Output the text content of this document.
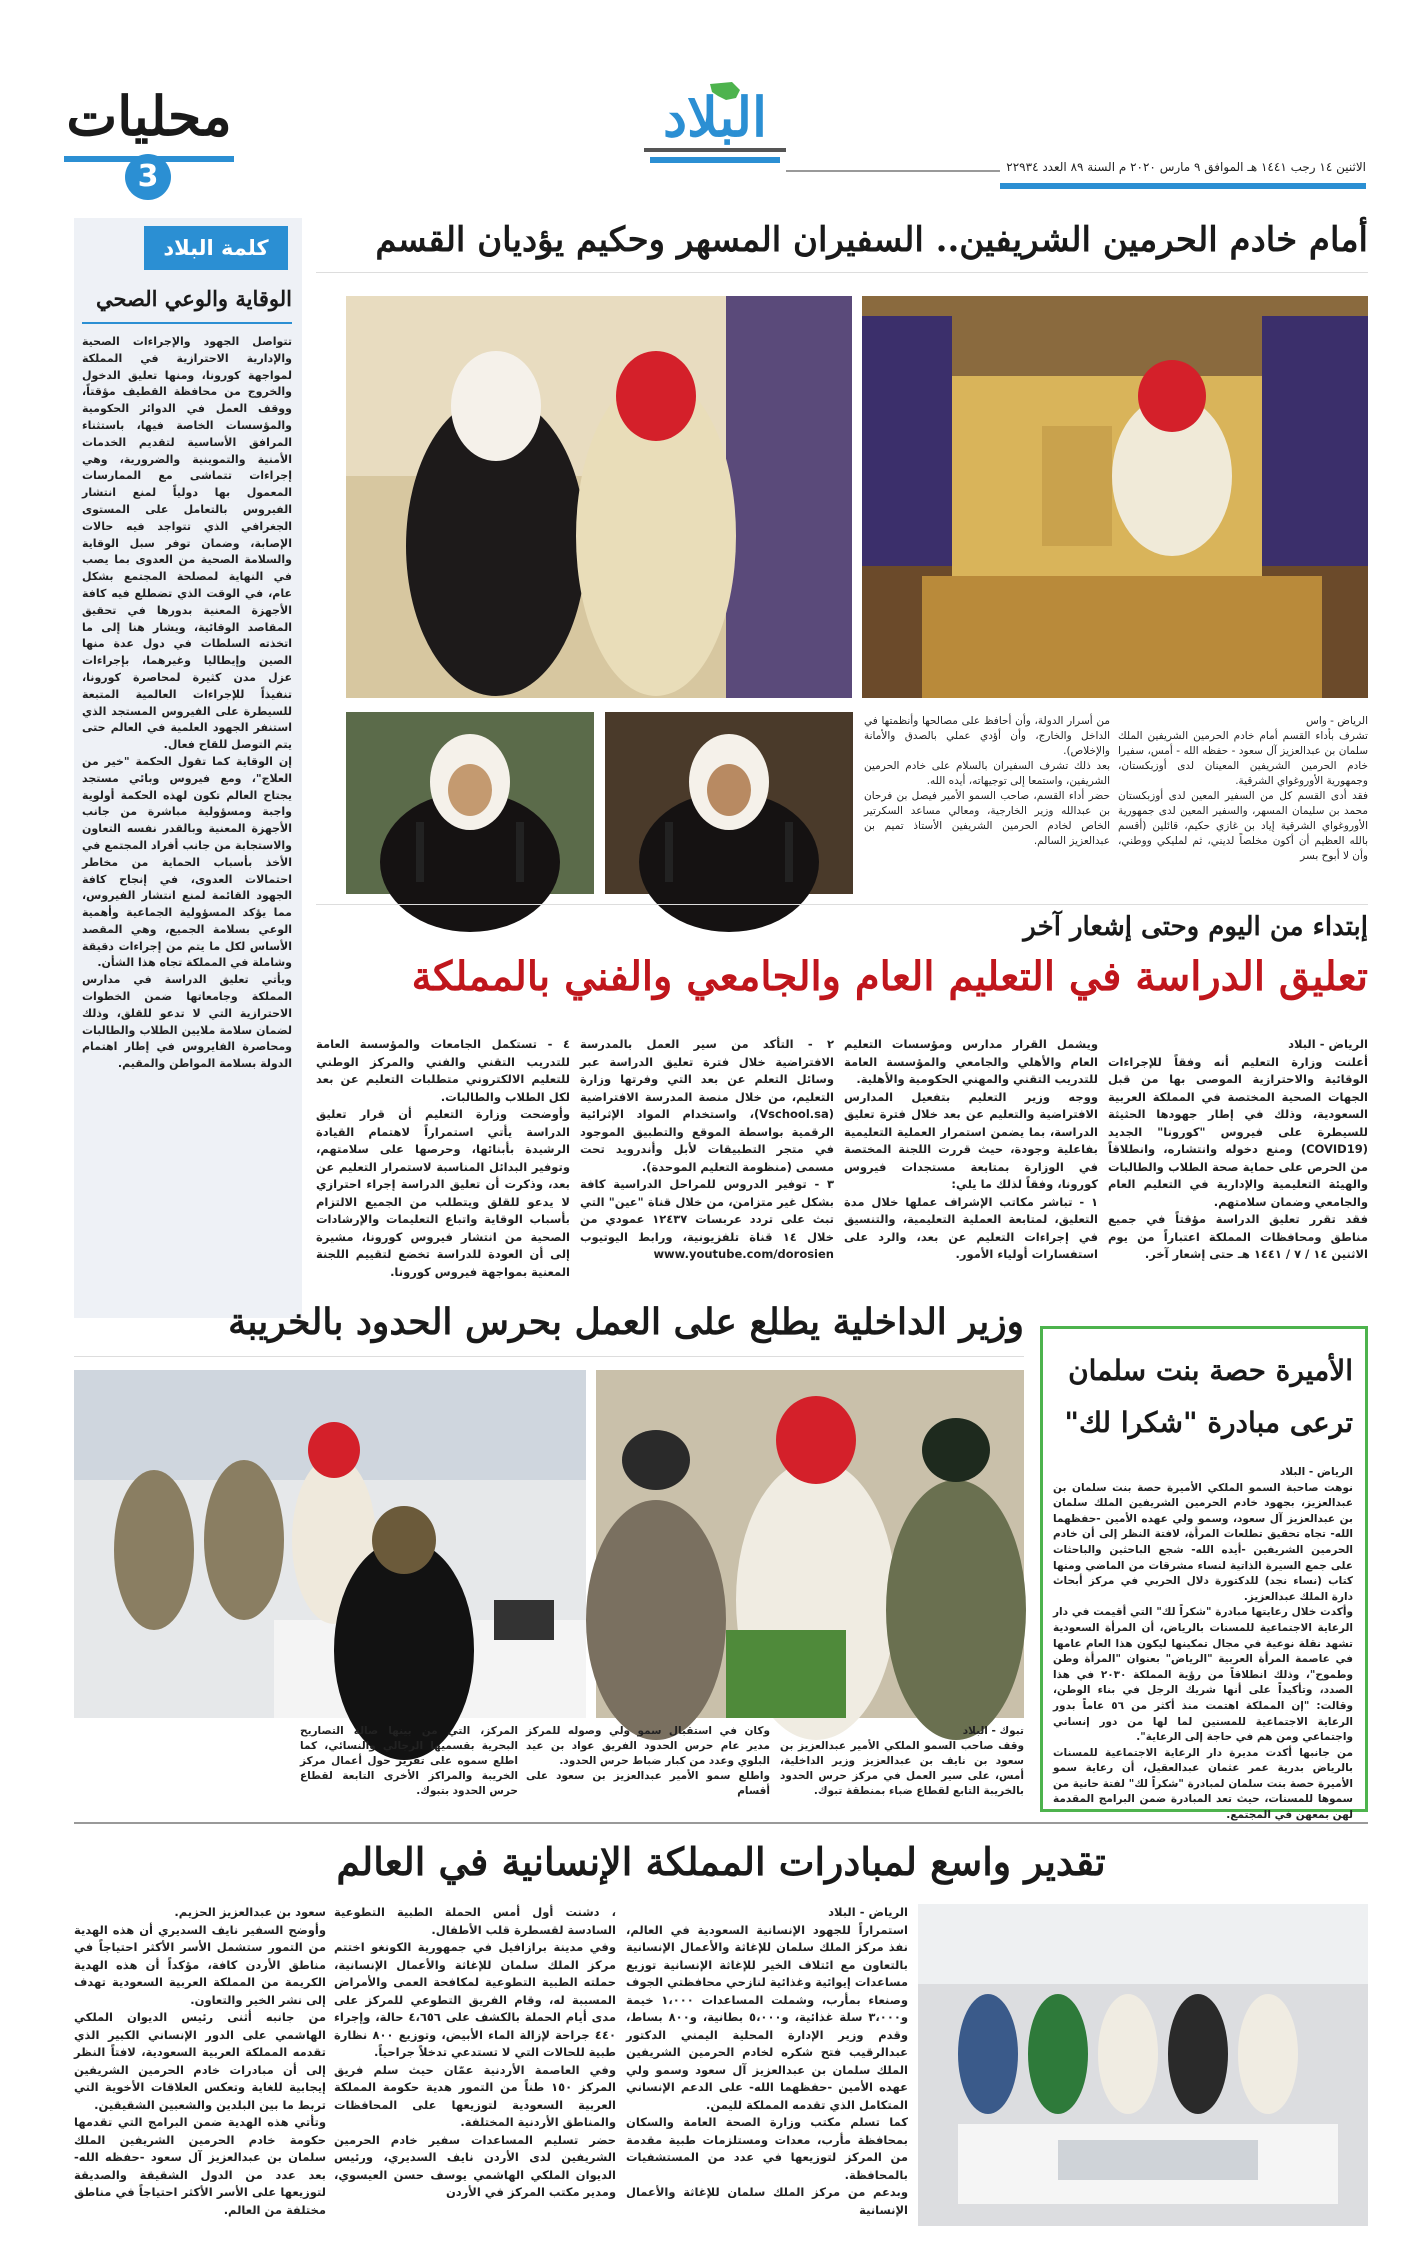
البلاد
محليات
3	الاثنين ١٤ رجب ١٤٤١ هـ الموافق ٩ مارس ٢٠٢٠ م السنة ٨٩ العدد ٢٢٩٣٤
كلمة البلاد
الوقاية والوعي الصحي
تتواصل الجهود والإجراءات الصحية والإدارية الاحترازية في المملكة لمواجهة كورونا، ومنها تعليق الدخول والخروج من محافظة القطيف مؤقتاً، ووقف العمل في الدوائر الحكومية والمؤسسات الخاصة فيها، باستثناء المرافق الأساسية لتقديم الخدمات الأمنية والتموينية والضرورية، وهي إجراءات تتماشى مع الممارسات المعمول بها دولياً لمنع انتشار الفيروس بالتعامل على المستوى الجغرافي الذي تتواجد فيه حالات الإصابة، وضمان توفر سبل الوقاية والسلامة الصحية من العدوى بما يصب في النهاية لمصلحة المجتمع بشكل عام، في الوقت الذي تضطلع فيه كافة الأجهزة المعنية بدورها في تحقيق المقاصد الوقائية، ويشار هنا إلى ما اتخذته السلطات في دول عدة منها الصين وإيطاليا وغيرهما، بإجراءات عزل مدن كثيرة لمحاصرة كورونا، تنفيذاً للإجراءات العالمية المتبعة للسيطرة على الفيروس المستجد الذي استنفر الجهود العلمية في العالم حتى يتم التوصل للقاح فعال.
إن الوقاية كما تقول الحكمة "خير من العلاج"، ومع فيروس وبائي مستجد يجتاح العالم تكون لهذه الحكمة أولوية واجبة ومسؤولية مباشرة من جانب الأجهزة المعنية وبالقدر نفسه التعاون والاستجابة من جانب أفراد المجتمع في الأخذ بأسباب الحماية من مخاطر احتمالات العدوى، في إنجاح كافة الجهود القائمة لمنع انتشار الفيروس، مما يؤكد المسؤولية الجماعية وأهمية الوعي بسلامة الجميع، وهي المقصد الأساس لكل ما يتم من إجراءات دقيقة وشاملة في المملكة تجاه هذا الشأن.
ويأتي تعليق الدراسة في مدارس المملكة وجامعاتها ضمن الخطوات الاحترازية التي لا تدعو للقلق، وذلك لضمان سلامة ملايين الطلاب والطالبات ومحاصرة الفايروس في إطار اهتمام الدولة بسلامة المواطن والمقيم.
أمام خادم الحرمين الشريفين.. السفيران المسهر وحكيم يؤديان القسم
الرياض - واس
تشرف بأداء القسم أمام خادم الحرمين الشريفين الملك سلمان بن عبدالعزيز آل سعود - حفظه الله - أمس، سفيرا خادم الحرمين الشريفين المعينان لدى أوزبكستان، وجمهورية الأوروغواي الشرقية.
فقد أدى القسم كل من السفير المعين لدى أوزبكستان محمد بن سليمان المسهر، والسفير المعين لدى جمهورية الأوروغواي الشرقية إياد بن غازي حكيم، قائلين (أقسم بالله العظيم أن أكون مخلصاً لديني، ثم لمليكي ووطني، وأن لا أبوح بسر
من أسرار الدولة، وأن أحافظ على مصالحها وأنظمتها في الداخل والخارج، وأن أؤدي عملي بالصدق والأمانة والإخلاص).
بعد ذلك تشرف السفيران بالسلام على خادم الحرمين الشريفين، واستمعا إلى توجيهاته، أيده الله.
حضر أداء القسم، صاحب السمو الأمير فيصل بن فرحان بن عبدالله وزير الخارجية، ومعالي مساعد السكرتير الخاص لخادم الحرمين الشريفين الأستاذ تميم بن عبدالعزيز السالم.
إبتداء من اليوم وحتى إشعار آخر
تعليق الدراسة في التعليم العام والجامعي والفني بالمملكة
الرياض - البلاد
أعلنت وزارة التعليم أنه وفقاً للإجراءات الوقائية والاحترازية الموصى بها من قبل الجهات الصحية المختصة في المملكة العربية السعودية، وذلك في إطار جهودها الحثيثة للسيطرة على فيروس "كورونا" الجديد (COVID19) ومنع دخوله وانتشاره، وانطلاقاً من الحرص على حماية صحة الطلاب والطالبات والهيئة التعليمية والإدارية في التعليم العام والجامعي وضمان سلامتهم.
فقد تقرر تعليق الدراسة مؤقتاً في جميع مناطق ومحافظات المملكة اعتباراً من يوم الاثنين ١٤ / ٧ / ١٤٤١ هـ حتى إشعار آخر.
ويشمل القرار مدارس ومؤسسات التعليم العام والأهلي والجامعي والمؤسسة العامة للتدريب التقني والمهني الحكومية والأهلية.
ووجه وزير التعليم بتفعيل المدارس الافتراضية والتعليم عن بعد خلال فترة تعليق الدراسة، بما يضمن استمرار العملية التعليمية بفاعلية وجودة، حيث قررت اللجنة المختصة في الوزارة بمتابعة مستجدات فيروس كورونا، وفقاً لذلك ما يلي:
١ - تباشر مكاتب الإشراف عملها خلال مدة التعليق، لمتابعة العملية التعليمية، والتنسيق في إجراءات التعليم عن بعد، والرد على استفسارات أولياء الأمور.
٢ - التأكد من سير العمل بالمدرسة الافتراضية خلال فترة تعليق الدراسة عبر وسائل التعلم عن بعد التي وفرتها وزارة التعليم، من خلال منصة المدرسة الافتراضية (Vschool.sa)، واستخدام المواد الإثرائية الرقمية بواسطة الموقع والتطبيق الموجود في متجر التطبيقات لأبل وأندرويد تحت مسمى (منظومة التعليم الموحدة).
٣ - توفير الدروس للمراحل الدراسية كافة بشكل غير متزامن، من خلال قناة "عين" التي تبث على تردد عربسات ١٢٤٣٧ عمودي من خلال ١٤ قناة تلفزيونية، ورابط اليوتيوب www.youtube.com/dorosien
٤ - تستكمل الجامعات والمؤسسة العامة للتدريب التقني والفني والمركز الوطني للتعليم الالكتروني متطلبات التعليم عن بعد لكل الطلاب والطالبات.
وأوضحت وزارة التعليم أن قرار تعليق الدراسة يأتي استمراراً لاهتمام القيادة الرشيدة بأبنائها، وحرصها على سلامتهم، وتوفير البدائل المناسبة لاستمرار التعليم عن بعد، وذكرت أن تعليق الدراسة إجراء احترازي لا يدعو للقلق ويتطلب من الجميع الالتزام بأسباب الوقاية واتباع التعليمات والإرشادات الصحية من انتشار فيروس كورونا، مشيرة إلى أن العودة للدراسة تخضع لتقييم اللجنة المعنية بمواجهة فيروس كورونا.
الأميرة حصة بنت سلمان ترعى مبادرة "شكرا لك"
الرياض - البلاد
نوهت صاحبة السمو الملكي الأميرة حصة بنت سلمان بن عبدالعزيز، بجهود خادم الحرمين الشريفين الملك سلمان بن عبدالعزيز آل سعود، وسمو ولي عهده الأمين -حفظهما الله- تجاه تحقيق تطلعات المرأة، لافتة النظر إلى أن خادم الحرمين الشريفين -أيده الله- شجع الباحثين والباحثات على جمع السيرة الذاتية لنساء مشرقات من الماضي ومنها كتاب (نساء نجد) للدكتورة دلال الحربي في مركز أبحاث دارة الملك عبدالعزيز.
وأكدت خلال رعايتها مبادرة "شكراً لك" التي أقيمت في دار الرعاية الاجتماعية للمسنات بالرياض، أن المرأة السعودية تشهد نقلة نوعية في مجال تمكينها ليكون هذا العام عامها في عاصمة المرأة العربية "الرياض" بعنوان "المرأة وطن وطموح"، وذلك انطلاقاً من رؤية المملكة ٢٠٣٠ في هذا الصدد، وتأكيداً على أنها شريك الرجل في بناء الوطن، وقالت: "إن المملكة اهتمت منذ أكثر من ٥٦ عاماً بدور الرعاية الاجتماعية للمسنين لما لها من دور إنساني واجتماعي ومن هم في حاجة إلى الرعاية".
من جانبها أكدت مديرة دار الرعاية الاجتماعية للمسنات بالرياض بدرية عمر عثمان عبدالعقيل، أن رعاية سمو الأميرة حصة بنت سلمان لمبادرة "شكراً لك" لفتة حانية من سموها للمسنات، حيث تعد المبادرة ضمن البرامج المقدمة لهن بمعهن في المجتمع.
وزير الداخلية يطلع على العمل بحرس الحدود بالخريبة
تبوك - البلاد
وقف صاحب السمو الملكي الأمير عبدالعزيز بن سعود بن نايف بن عبدالعزيز وزير الداخلية، أمس، على سير العمل في مركز حرس الحدود بالخريبة التابع لقطاع ضباء بمنطقة تبوك.
وكان في استقبال سمو ولي وصوله للمركز مدير عام حرس الحدود الفريق عواد بن عيد البلوي وعدد من كبار ضباط حرس الحدود.
واطلع سمو الأمير عبدالعزيز بن سعود على أقسام
المركز، التي من بينها صالة التصاريح البحرية بقسميها الرجالي والنسائي، كما اطلع سموه على تقرير حول أعمال مركز الخريبة والمراكز الأخرى التابعة لقطاع حرس الحدود بتبوك.
تقدير واسع لمبادرات المملكة الإنسانية في العالم
الرياض - البلاد
استمراراً للجهود الإنسانية السعودية في العالم، نفذ مركز الملك سلمان للإغاثة والأعمال الإنسانية بالتعاون مع ائتلاف الخير للإغاثة الإنسانية توزيع مساعدات إيوائية وغذائية لنازحي محافظتي الجوف وصنعاء بمأرب، وشملت المساعدات ١،٠٠٠ خيمة و٣،٠٠٠ سلة غذائية، و٥،٠٠٠ بطانية، و٨٠٠ بساط، وقدم وزير الإدارة المحلية اليمني الدكتور عبدالرقيب فتح شكره لخادم الحرمين الشريفين الملك سلمان بن عبدالعزيز آل سعود وسمو ولي عهده الأمين -حفظهما الله- على الدعم الإنساني المتكامل الذي تقدمه المملكة لليمن.
كما تسلم مكتب وزارة الصحة العامة والسكان بمحافظة مأرب، معدات ومستلزمات طبية مقدمة من المركز لتوزيعها في عدد من المستشفيات بالمحافظة.
وبدعم من مركز الملك سلمان للإغاثة والأعمال الإنسانية
، دشنت أول أمس الحملة الطبية التطوعية السادسة لقسطرة قلب الأطفال.
وفي مدينة برازافيل في جمهورية الكونغو اختتم مركز الملك سلمان للإغاثة والأعمال الإنسانية، حملته الطبية التطوعية لمكافحة العمى والأمراض المسببة له، وقام الفريق التطوعي للمركز على مدى أيام الحملة بالكشف على ٤،٦٥٦ حالة، وإجراء ٤٤٠ جراحة لإزالة الماء الأبيض، وتوزيع ٨٠٠ نظارة طبية للحالات التي لا تستدعي تدخلاً جراحياً.
وفي العاصمة الأردنية عمّان حيث سلم فريق المركز ١٥٠ طناً من التمور هدية حكومة المملكة العربية السعودية لتوزيعها على المحافظات والمناطق الأردنية المختلفة.
حضر تسليم المساعدات سفير خادم الحرمين الشريفين لدى الأردن نايف السديري، ورئيس الديوان الملكي الهاشمي يوسف حسن العيسوي، ومدير مكتب المركز في الأردن
سعود بن عبدالعزيز الحزيم.
وأوضح السفير نايف السديري أن هذه الهدية من التمور ستشمل الأسر الأكثر احتياجاً في مناطق الأردن كافة، مؤكداً أن هذه الهدية الكريمة من المملكة العربية السعودية تهدف إلى نشر الخير والتعاون.
من جانبه أثنى رئيس الديوان الملكي الهاشمي على الدور الإنساني الكبير الذي تقدمه المملكة العربية السعودية، لافتاً النظر إلى أن مبادرات خادم الحرمين الشريفين إيجابية للغاية وتعكس العلاقات الأخوية التي تربط ما بين البلدين والشعبين الشقيقين.
وتأتي هذه الهدية ضمن البرامج التي تقدمها حكومة خادم الحرمين الشريفين الملك سلمان بن عبدالعزيز آل سعود -حفظه الله- بعد عدد من الدول الشقيقة والصديقة لتوزيعها على الأسر الأكثر احتياجاً في مناطق مختلفة من العالم.
